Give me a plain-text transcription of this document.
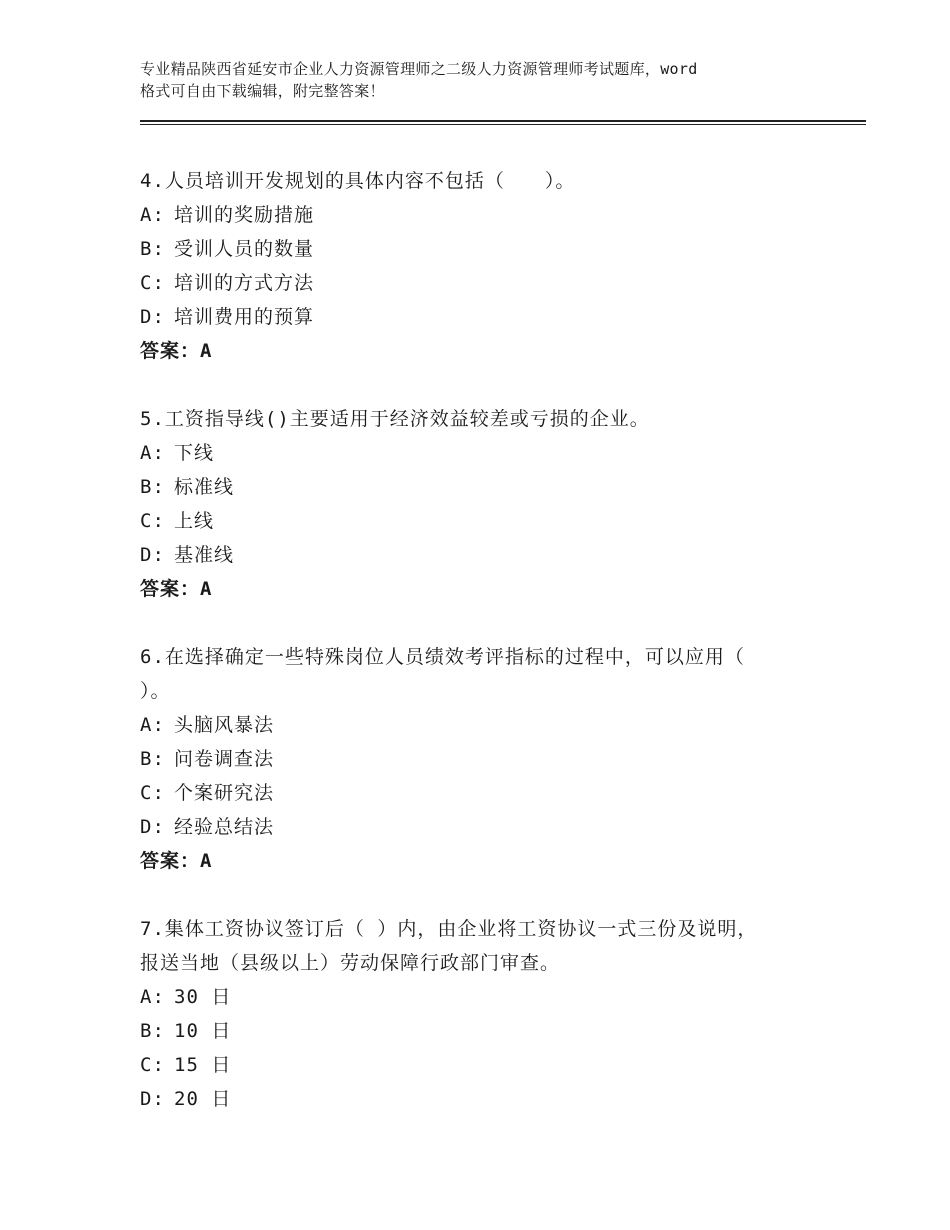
专业精品陕西省延安市企业人力资源管理师之二级人力资源管理师考试题库，word
格式可自由下载编辑，附完整答案！

4.人员培训开发规划的具体内容不包括（　　）。

A: 培训的奖励措施

B: 受训人员的数量

C: 培训的方式方法

D: 培训费用的预算

答案：A

5.工资指导线()主要适用于经济效益较差或亏损的企业。

A: 下线

B: 标准线

C: 上线

D: 基准线

答案：A

6.在选择确定一些特殊岗位人员绩效考评指标的过程中，可以应用（
）。

A: 头脑风暴法

B: 问卷调查法

C: 个案研究法

D: 经验总结法

答案：A

7.集体工资协议签订后（ ）内，由企业将工资协议一式三份及说明，
报送当地（县级以上）劳动保障行政部门审查。

A: 30 日

B: 10 日

C: 15 日

D: 20 日
